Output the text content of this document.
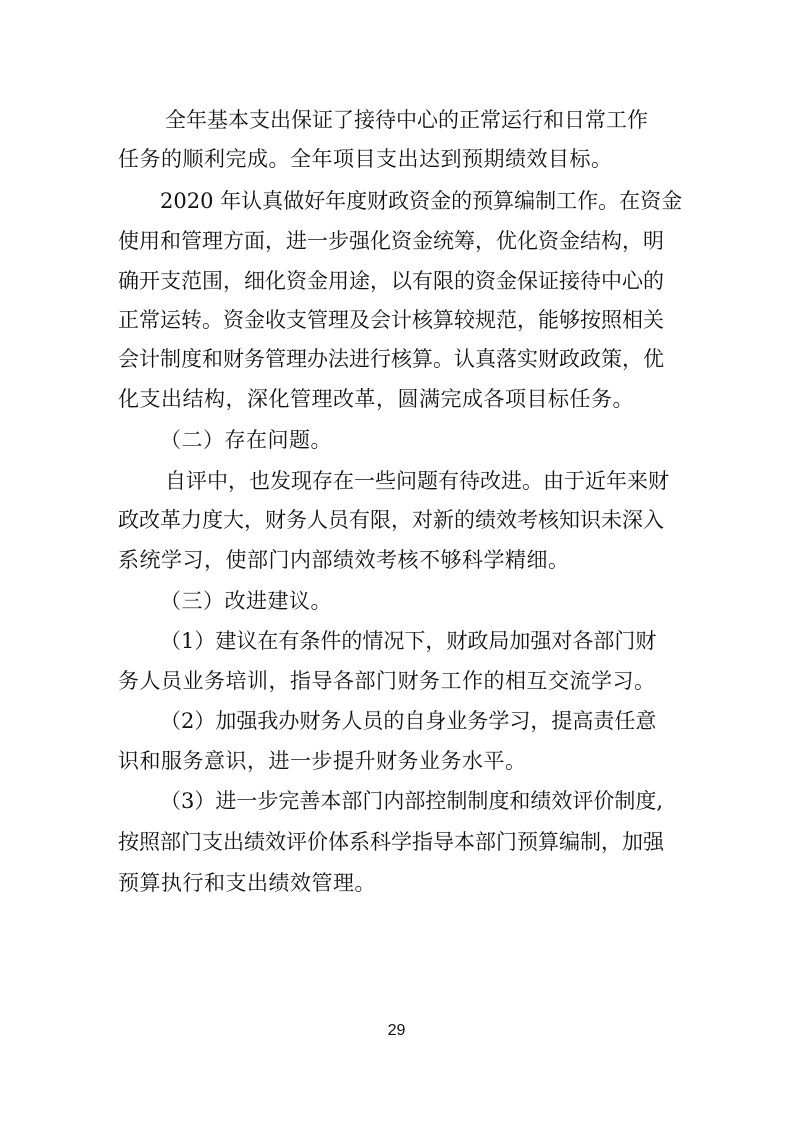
全年基本支出保证了接待中心的正常运行和日常工作
任务的顺利完成。全年项目支出达到预期绩效目标。
2020 年认真做好年度财政资金的预算编制工作。在资金
使用和管理方面，进一步强化资金统筹，优化资金结构，明
确开支范围，细化资金用途，以有限的资金保证接待中心的
正常运转。资金收支管理及会计核算较规范，能够按照相关
会计制度和财务管理办法进行核算。认真落实财政政策，优
化支出结构，深化管理改革，圆满完成各项目标任务。
（二）存在问题。
自评中，也发现存在一些问题有待改进。由于近年来财
政改革力度大，财务人员有限，对新的绩效考核知识未深入
系统学习，使部门内部绩效考核不够科学精细。
（三）改进建议。
（1）建议在有条件的情况下，财政局加强对各部门财
务人员业务培训，指导各部门财务工作的相互交流学习。
（2）加强我办财务人员的自身业务学习，提高责任意
识和服务意识，进一步提升财务业务水平。
（3）进一步完善本部门内部控制制度和绩效评价制度,
按照部门支出绩效评价体系科学指导本部门预算编制，加强
预算执行和支出绩效管理。
29
